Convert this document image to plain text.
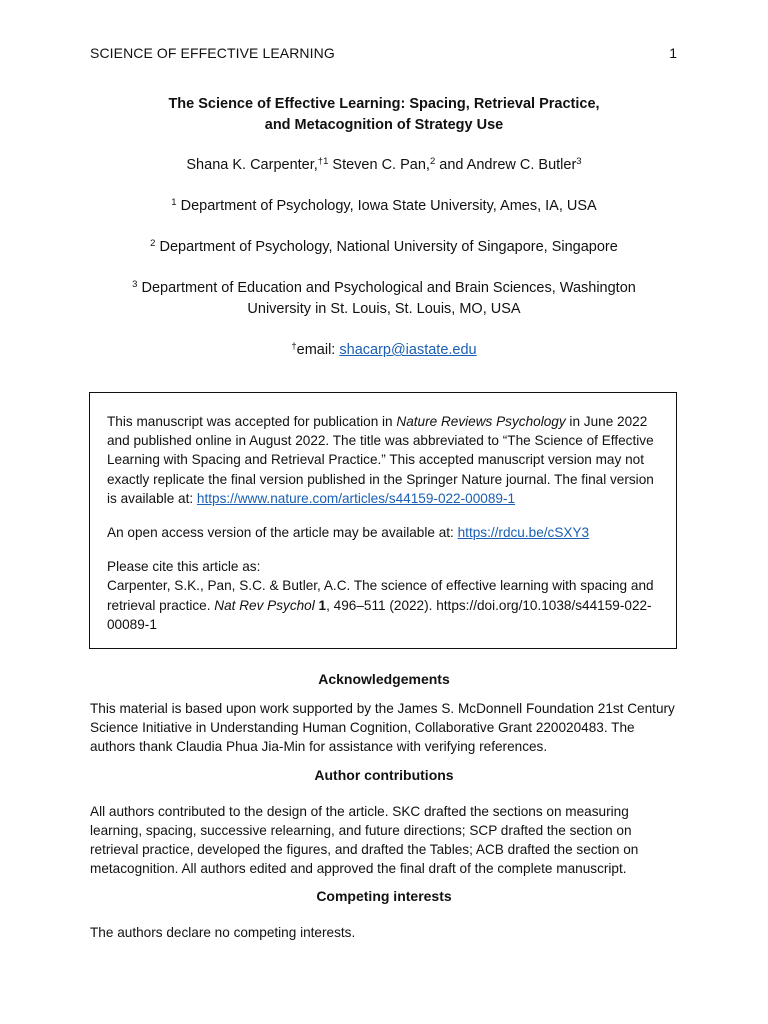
SCIENCE OF EFFECTIVE LEARNING	1
The Science of Effective Learning: Spacing, Retrieval Practice,
and Metacognition of Strategy Use
Shana K. Carpenter,$^{\dagger 1}$ Steven C. Pan,$^2$ and Andrew C. Butler$^3$
$^1$ Department of Psychology, Iowa State University, Ames, IA, USA
$^2$ Department of Psychology, National University of Singapore, Singapore
$^3$ Department of Education and Psychological and Brain Sciences, Washington University in St. Louis, St. Louis, MO, USA
†email: shacarp@iastate.edu

This manuscript was accepted for publication in Nature Reviews Psychology in June 2022 and published online in August 2022. The title was abbreviated to “The Science of Effective Learning with Spacing and Retrieval Practice.” This accepted manuscript version may not exactly replicate the final version published in the Springer Nature journal. The final version is available at: https://www.nature.com/articles/s44159-022-00089-1

An open access version of the article may be available at: https://rdcu.be/cSXY3

Please cite this article as:
Carpenter, S.K., Pan, S.C. & Butler, A.C. The science of effective learning with spacing and retrieval practice. Nat Rev Psychol 1, 496–511 (2022). https://doi.org/10.1038/s44159-022-00089-1

Acknowledgements

This material is based upon work supported by the James S. McDonnell Foundation 21st Century Science Initiative in Understanding Human Cognition, Collaborative Grant 220020483. The authors thank Claudia Phua Jia-Min for assistance with verifying references.

Author contributions

All authors contributed to the design of the article. SKC drafted the sections on measuring learning, spacing, successive relearning, and future directions; SCP drafted the section on retrieval practice, developed the figures, and drafted the Tables; ACB drafted the section on metacognition. All authors edited and approved the final draft of the complete manuscript.

Competing interests

The authors declare no competing interests.
